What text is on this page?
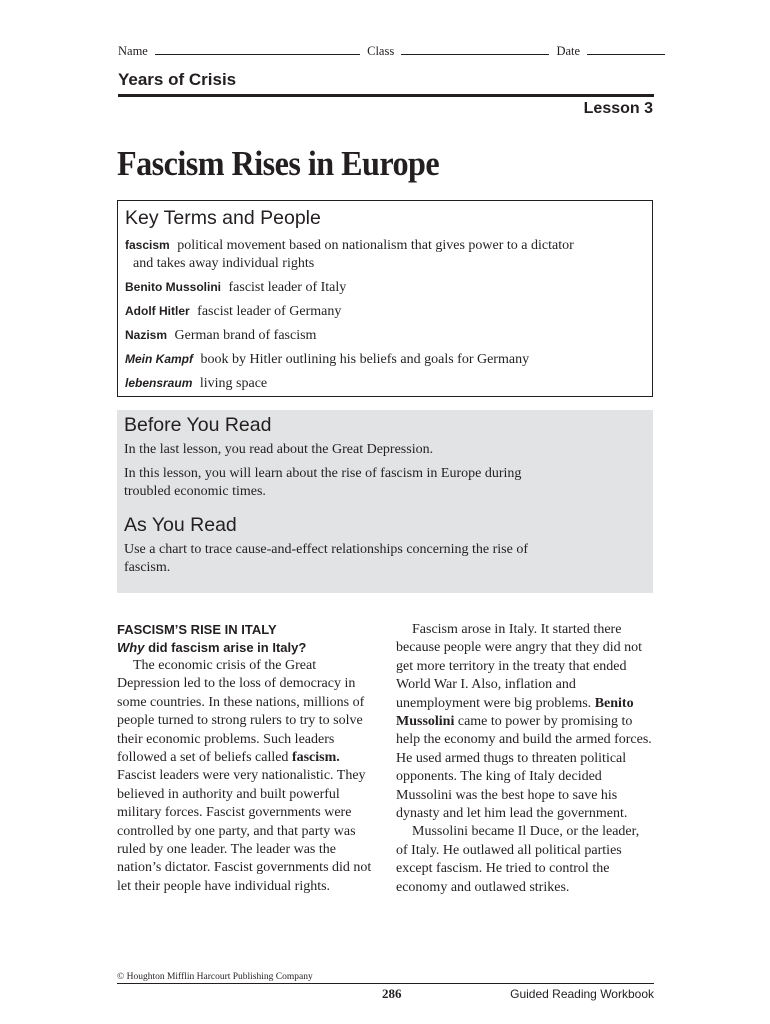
Name	Class	Date
Years of Crisis
Lesson 3
Fascism Rises in Europe
Key Terms and People
fascism political movement based on nationalism that gives power to a dictator
and takes away individual rights
Benito Mussolini fascist leader of Italy
Adolf Hitler fascist leader of Germany
Nazism German brand of fascism
Mein Kampf book by Hitler outlining his beliefs and goals for Germany
lebensraum living space
Before You Read

In the last lesson, you read about the Great Depression.

In this lesson, you will learn about the rise of fascism in Europe during troubled economic times.

As You Read

Use a chart to trace cause-and-effect relationships concerning the rise of fascism.

FASCISM’S RISE IN ITALY
Why did fascism arise in Italy?

The economic crisis of the Great Depression led to the loss of democracy in some countries. In these nations, millions of people turned to strong rulers to try to solve their economic problems. Such leaders followed a set of beliefs called fascism. Fascist leaders were very nationalistic. They believed in authority and built powerful military forces. Fascist governments were controlled by one party, and that party was ruled by one leader. The leader was the nation’s dictator. Fascist governments did not let their people have individual rights.

Fascism arose in Italy. It started there because people were angry that they did not get more territory in the treaty that ended World War I. Also, inflation and unemployment were big problems. Benito Mussolini came to power by promising to help the economy and build the armed forces. He used armed thugs to threaten political opponents. The king of Italy decided Mussolini was the best hope to save his dynasty and let him lead the government.

Mussolini became Il Duce, or the leader, of Italy. He outlawed all political parties except fascism. He tried to control the economy and outlawed strikes.

© Houghton Mifflin Harcourt Publishing Company
286	Guided Reading Workbook
